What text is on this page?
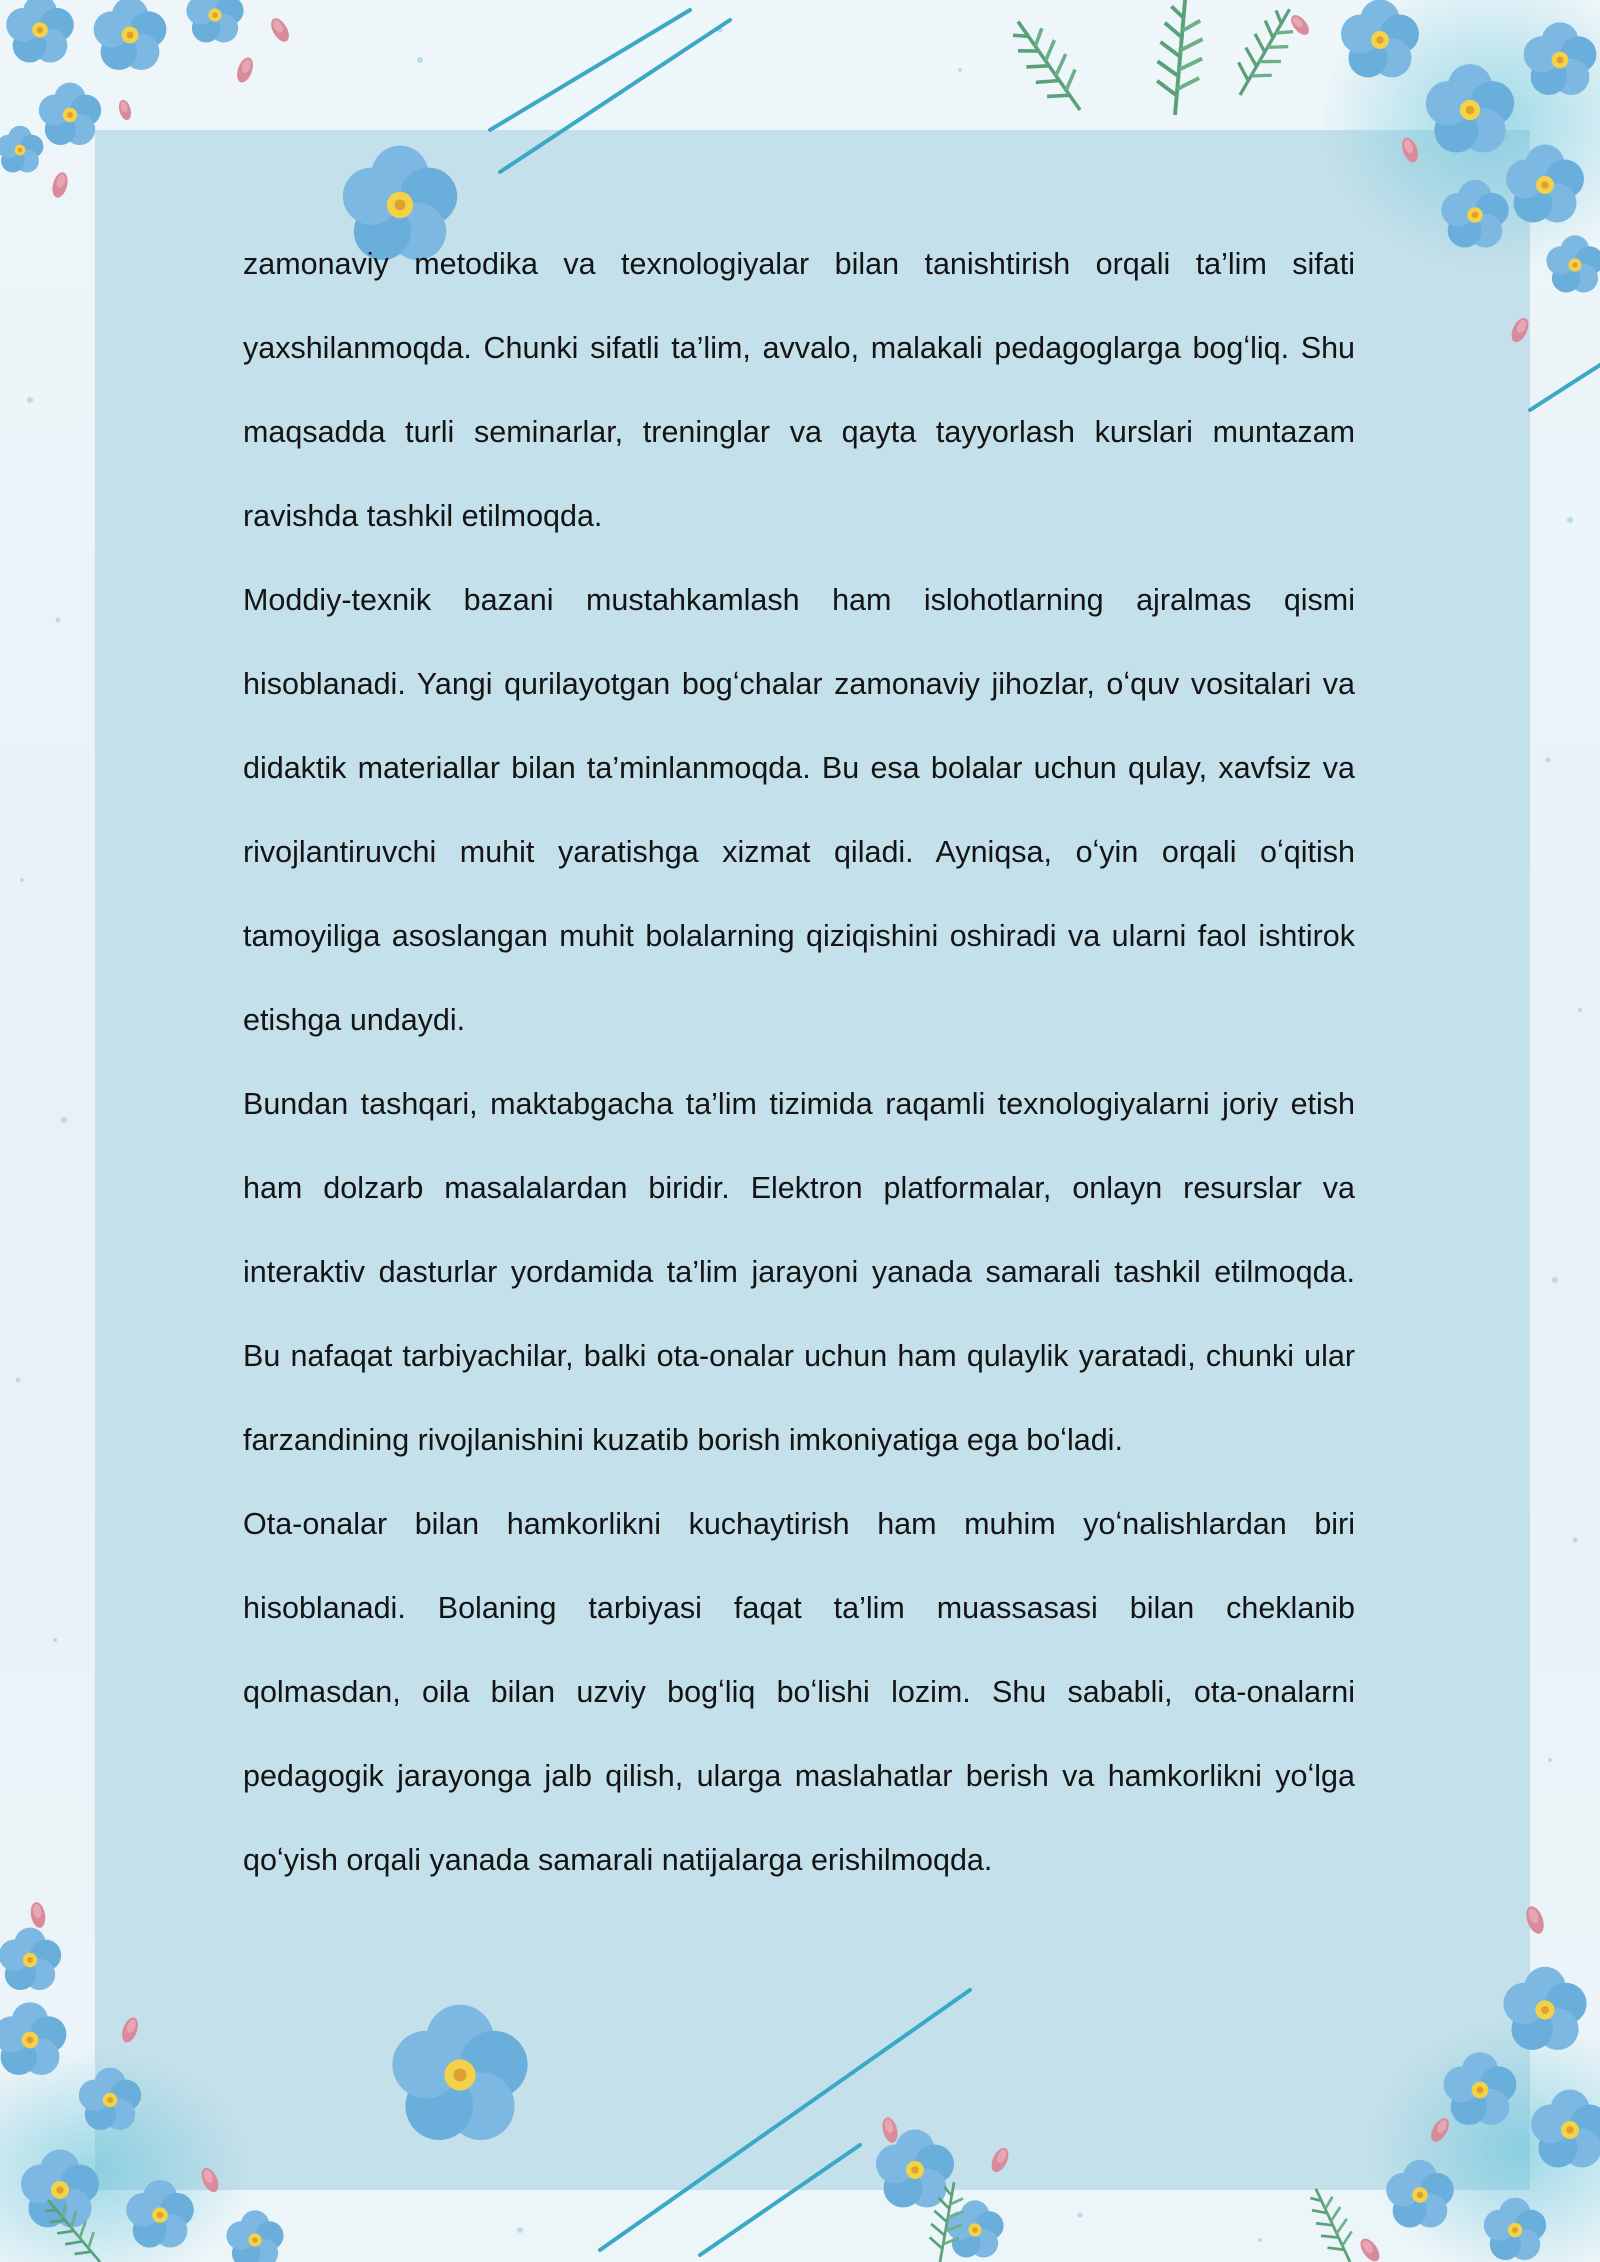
zamonaviy metodika va texnologiyalar bilan tanishtirish orqali ta’lim sifati yaxshilanmoqda. Chunki sifatli ta’lim, avvalo, malakali pedagoglarga bogʻliq. Shu maqsadda turli seminarlar, treninglar va qayta tayyorlash kurslari muntazam ravishda tashkil etilmoqda.

Moddiy-texnik bazani mustahkamlash ham islohotlarning ajralmas qismi hisoblanadi. Yangi qurilayotgan bogʻchalar zamonaviy jihozlar, oʻquv vositalari va didaktik materiallar bilan ta’minlanmoqda. Bu esa bolalar uchun qulay, xavfsiz va rivojlantiruvchi muhit yaratishga xizmat qiladi. Ayniqsa, oʻyin orqali oʻqitish tamoyiliga asoslangan muhit bolalarning qiziqishini oshiradi va ularni faol ishtirok etishga undaydi.

Bundan tashqari, maktabgacha ta’lim tizimida raqamli texnologiyalarni joriy etish ham dolzarb masalalardan biridir. Elektron platformalar, onlayn resurslar va interaktiv dasturlar yordamida ta’lim jarayoni yanada samarali tashkil etilmoqda. Bu nafaqat tarbiyachilar, balki ota-onalar uchun ham qulaylik yaratadi, chunki ular farzandining rivojlanishini kuzatib borish imkoniyatiga ega boʻladi.

Ota-onalar bilan hamkorlikni kuchaytirish ham muhim yoʻnalishlardan biri hisoblanadi. Bolaning tarbiyasi faqat ta’lim muassasasi bilan cheklanib qolmasdan, oila bilan uzviy bogʻliq boʻlishi lozim. Shu sababli, ota-onalarni pedagogik jarayonga jalb qilish, ularga maslahatlar berish va hamkorlikni yoʻlga qoʻyish orqali yanada samarali natijalarga erishilmoqda.
